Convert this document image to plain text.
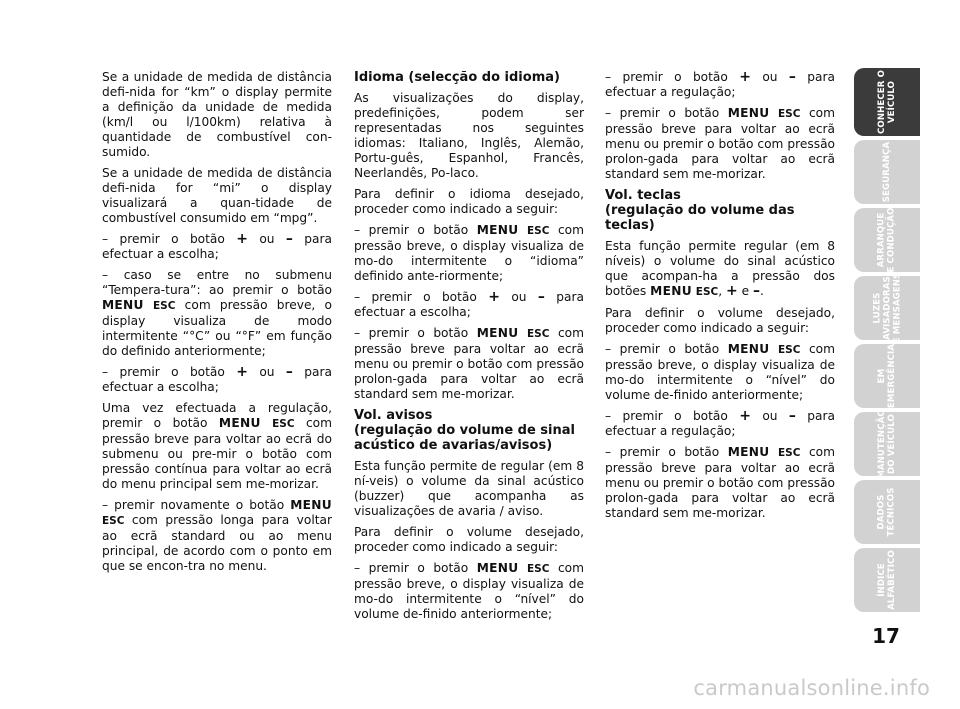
Se a unidade de medida de distância defi-nida for “km” o display permite a definição da unidade de medida (km/l ou l/100km) relativa à quantidade de combustível con-sumido.

Se a unidade de medida de distância defi-nida for “mi” o display visualizará a quan-tidade de combustível consumido em “mpg”.

– premir o botão + ou – para efectuar a escolha;

– caso se entre no submenu “Tempera-tura”: ao premir o botão MENU ESC com pressão breve, o display visualiza de modo intermitente “°C” ou “°F” em função do definido anteriormente;

– premir o botão + ou – para efectuar a escolha;

Uma vez efectuada a regulação, premir o botão MENU ESC com pressão breve para voltar ao ecrã do submenu ou pre-mir o botão com pressão contínua para voltar ao ecrã do menu principal sem me-morizar.

– premir novamente o botão MENU ESC com pressão longa para voltar ao ecrã standard ou ao menu principal, de acordo com o ponto em que se encon-tra no menu.

Idioma (selecção do idioma)

As visualizações do display, predefinições, podem ser representadas nos seguintes idiomas: Italiano, Inglês, Alemão, Portu-guês, Espanhol, Francês, Neerlandês, Po-laco.

Para definir o idioma desejado, proceder como indicado a seguir:

– premir o botão MENU ESC com pressão breve, o display visualiza de mo-do intermitente o “idioma” definido ante-riormente;

– premir o botão + ou – para efectuar a escolha;

– premir o botão MENU ESC com pressão breve para voltar ao ecrã menu ou premir o botão com pressão prolon-gada para voltar ao ecrã standard sem me-morizar.

Vol. avisos
(regulação do volume de sinal acústico de avarias/avisos)

Esta função permite de regular (em 8 ní-veis) o volume da sinal acústico (buzzer) que acompanha as visualizações de avaria / aviso.

Para definir o volume desejado, proceder como indicado a seguir:

– premir o botão MENU ESC com pressão breve, o display visualiza de mo-do intermitente o “nível” do volume de-finido anteriormente;

– premir o botão + ou – para efectuar a regulação;

– premir o botão MENU ESC com pressão breve para voltar ao ecrã menu ou premir o botão com pressão prolon-gada para voltar ao ecrã standard sem me-morizar.

Vol. teclas
(regulação do volume das teclas)

Esta função permite regular (em 8 níveis) o volume do sinal acústico que acompan-ha a pressão dos botões MENU ESC, + e –.

Para definir o volume desejado, proceder como indicado a seguir:

– premir o botão MENU ESC com pressão breve, o display visualiza de mo-do intermitente o “nível” do volume de-finido anteriormente;

– premir o botão + ou – para efectuar a regulação;

– premir o botão MENU ESC com pressão breve para voltar ao ecrã menu ou premir o botão com pressão prolon-gada para voltar ao ecrã standard sem me-morizar.

CONHECER O
VEÍCULO
SEGURANÇA
ARRANQUE
E CONDUÇÃO
LUZES
AVISADORAS
E MENSAGENS
EM
EMERGÊNCIA
MANUTENÇÃO
DO VEÍCULO
DADOS
TÉCNICOS
ÍNDICE
ALFABÉTICO
17
carmanualsonline.info
